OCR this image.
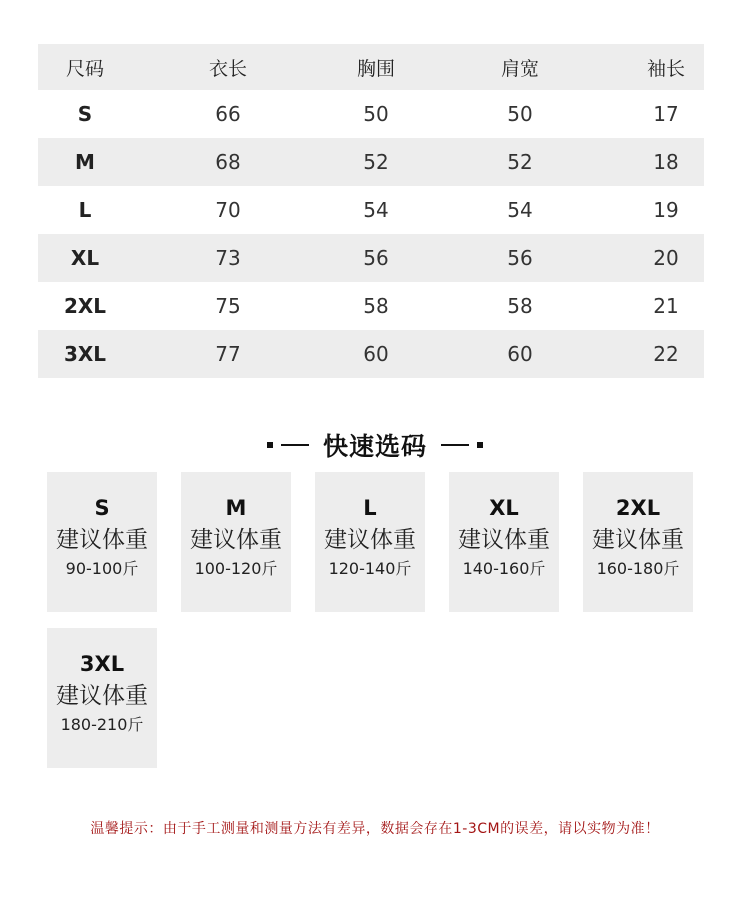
尺码	衣长	胸围	肩宽	袖长
S	66	50	50	17
M	68	52	52	18
L	70	54	54	19
XL	73	56	56	20
2XL	75	58	58	21
3XL	77	60	60	22
快速选码
S
建议体重
90-100斤
M
建议体重
100-120斤
L
建议体重
120-140斤
XL
建议体重
140-160斤
2XL
建议体重
160-180斤
3XL
建议体重
180-210斤
温馨提示：由于手工测量和测量方法有差异，数据会存在1-3CM的误差，请以实物为准！
